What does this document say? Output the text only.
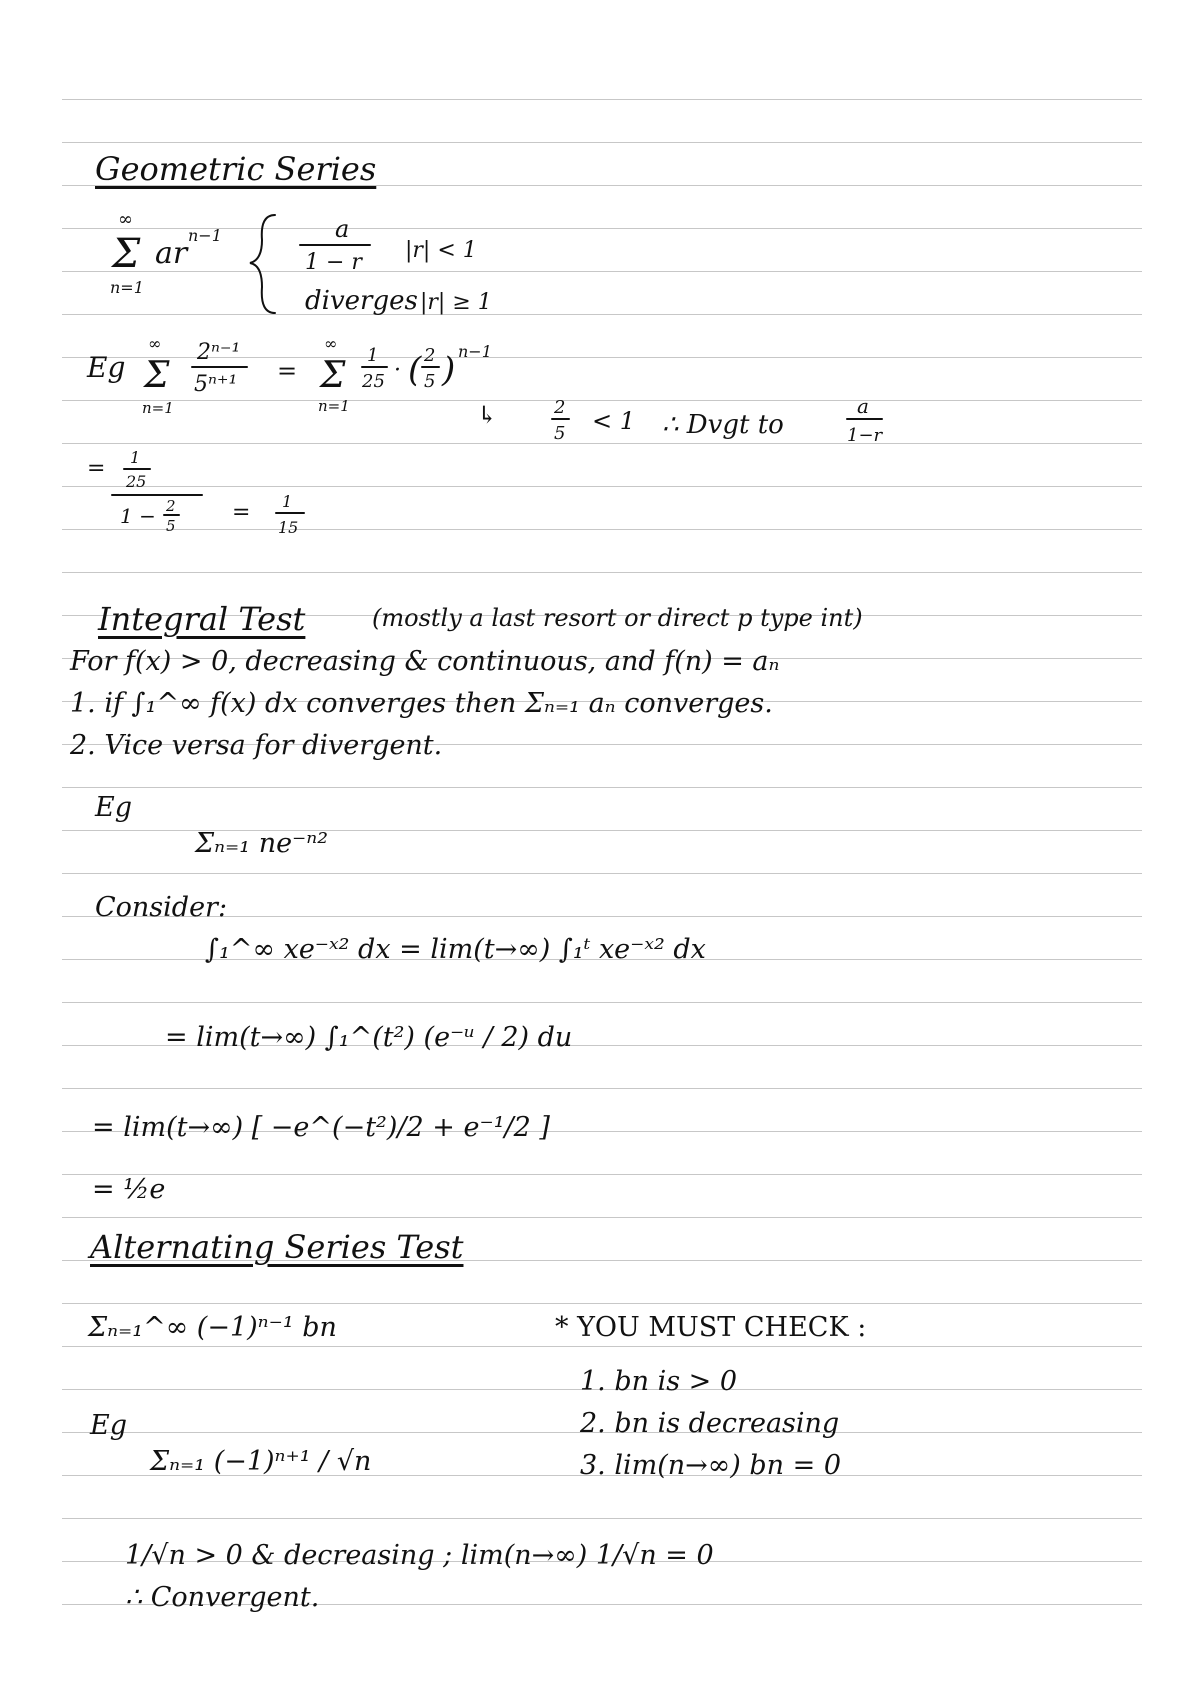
Geometric Series
∞
Σ
n=1
ar
n−1	a
1 − r |r| < 1
diverges |r| ≥ 1
Eg
∞
Σ
n=1
2ⁿ⁻¹
5ⁿ⁺¹ =
∞
Σ
n=1
1
25 · ( 2
5 ) n−1
↳	2
5 < 1 ∴ Dvgt to
a
1−r
= 1
25
1 − 2
5
= 1
15
Integral Test	(mostly a last resort or direct p type int)
For f(x) > 0, decreasing & continuous, and f(n) = aₙ
1. if ∫₁^∞ f(x) dx converges then Σₙ₌₁ aₙ converges.
2. Vice versa for divergent.
Eg
Σₙ₌₁ ne⁻ⁿ²
Consider:
∫₁^∞ xe⁻ˣ² dx = lim(t→∞) ∫₁ᵗ xe⁻ˣ² dx
= lim(t→∞) ∫₁^(t²) (e⁻ᵘ / 2) du
= lim(t→∞) [ −e^(−t²)/2 + e⁻¹/2 ]
= ½e
Alternating Series Test
Σₙ₌₁^∞ (−1)ⁿ⁻¹ bn	* YOU MUST CHECK :
1. bn is > 0
2. bn is decreasing
3. lim(n→∞) bn = 0
Eg
Σₙ₌₁ (−1)ⁿ⁺¹ / √n
1/√n > 0 & decreasing ; lim(n→∞) 1/√n = 0
∴ Convergent.
